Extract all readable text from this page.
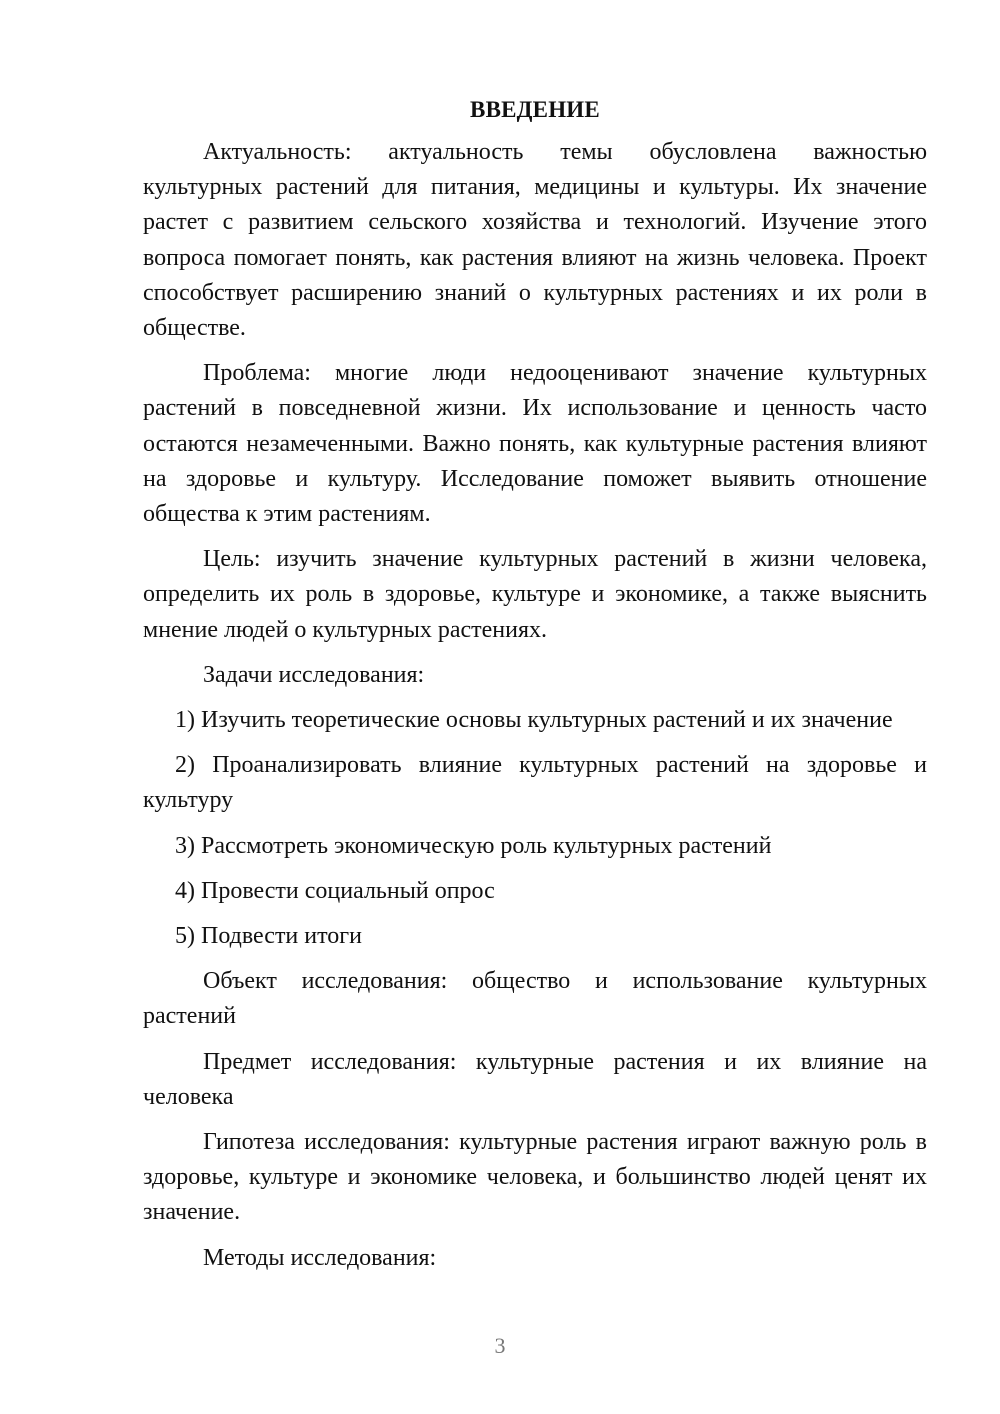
ВВЕДЕНИЕ

Актуальность: актуальность темы обусловлена важностью культурных растений для питания, медицины и культуры. Их значение растет с развитием сельского хозяйства и технологий. Изучение этого вопроса помогает понять, как растения влияют на жизнь человека. Проект способствует расширению знаний о культурных растениях и их роли в обществе.

Проблема: многие люди недооценивают значение культурных растений в повседневной жизни. Их использование и ценность часто остаются незамеченными. Важно понять, как культурные растения влияют на здоровье и культуру. Исследование поможет выявить отношение общества к этим растениям.

Цель: изучить значение культурных растений в жизни человека, определить их роль в здоровье, культуре и экономике, а также выяснить мнение людей о культурных растениях.

Задачи исследования:

1) Изучить теоретические основы культурных растений и их значение

2) Проанализировать влияние культурных растений на здоровье и культуру

3) Рассмотреть экономическую роль культурных растений

4) Провести социальный опрос

5) Подвести итоги

Объект исследования: общество и использование культурных растений

Предмет исследования: культурные растения и их влияние на человека

Гипотеза исследования: культурные растения играют важную роль в здоровье, культуре и экономике человека, и большинство людей ценят их значение.

Методы исследования:

3
